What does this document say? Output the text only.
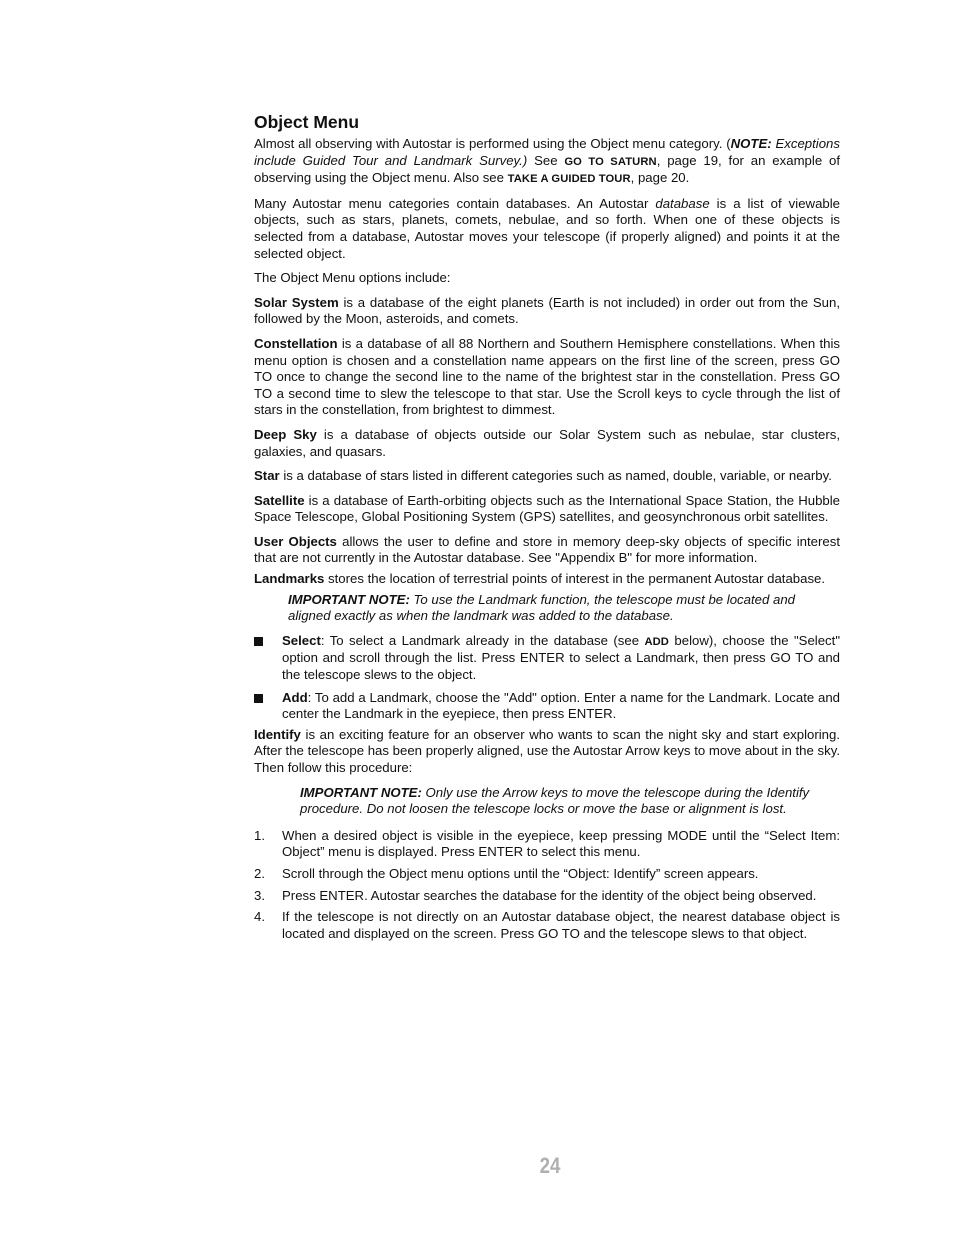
Object Menu

Almost all observing with Autostar is performed using the Object menu category. (NOTE: Exceptions include Guided Tour and Landmark Survey.) See GO TO SATURN, page 19, for an example of observing using the Object menu. Also see TAKE A GUIDED TOUR, page 20.

Many Autostar menu categories contain databases. An Autostar database is a list of viewable objects, such as stars, planets, comets, nebulae, and so forth. When one of these objects is selected from a database, Autostar moves your telescope (if properly aligned) and points it at the selected object.

The Object Menu options include:

Solar System is a database of the eight planets (Earth is not included) in order out from the Sun, followed by the Moon, asteroids, and comets.

Constellation is a database of all 88 Northern and Southern Hemisphere constellations. When this menu option is chosen and a constellation name appears on the first line of the screen, press GO TO once to change the second line to the name of the brightest star in the constellation. Press GO TO a second time to slew the telescope to that star. Use the Scroll keys to cycle through the list of stars in the constellation, from brightest to dimmest.

Deep Sky is a database of objects outside our Solar System such as nebulae, star clusters, galaxies, and quasars.

Star is a database of stars listed in different categories such as named, double, variable, or nearby.

Satellite is a database of Earth-orbiting objects such as the International Space Station, the Hubble Space Telescope, Global Positioning System (GPS) satellites, and geosynchronous orbit satellites.

User Objects allows the user to define and store in memory deep-sky objects of specific interest that are not currently in the Autostar database. See "Appendix B" for more information.

Landmarks stores the location of terrestrial points of interest in the permanent Autostar database.

IMPORTANT NOTE: To use the Landmark function, the telescope must be located and aligned exactly as when the landmark was added to the database.

Select: To select a Landmark already in the database (see ADD below), choose the "Select" option and scroll through the list. Press ENTER to select a Landmark, then press GO TO and the telescope slews to the object.
Add: To add a Landmark, choose the "Add" option. Enter a name for the Landmark. Locate and center the Landmark in the eyepiece, then press ENTER.

Identify is an exciting feature for an observer who wants to scan the night sky and start exploring. After the telescope has been properly aligned, use the Autostar Arrow keys to move about in the sky. Then follow this procedure:

IMPORTANT NOTE: Only use the Arrow keys to move the telescope during the Identify procedure. Do not loosen the telescope locks or move the base or alignment is lost.

1. When a desired object is visible in the eyepiece, keep pressing MODE until the “Select Item: Object” menu is displayed. Press ENTER to select this menu.
2. Scroll through the Object menu options until the “Object: Identify” screen appears.
3. Press ENTER. Autostar searches the database for the identity of the object being observed.
4. If the telescope is not directly on an Autostar database object, the nearest database object is located and displayed on the screen. Press GO TO and the telescope slews to that object.
24
